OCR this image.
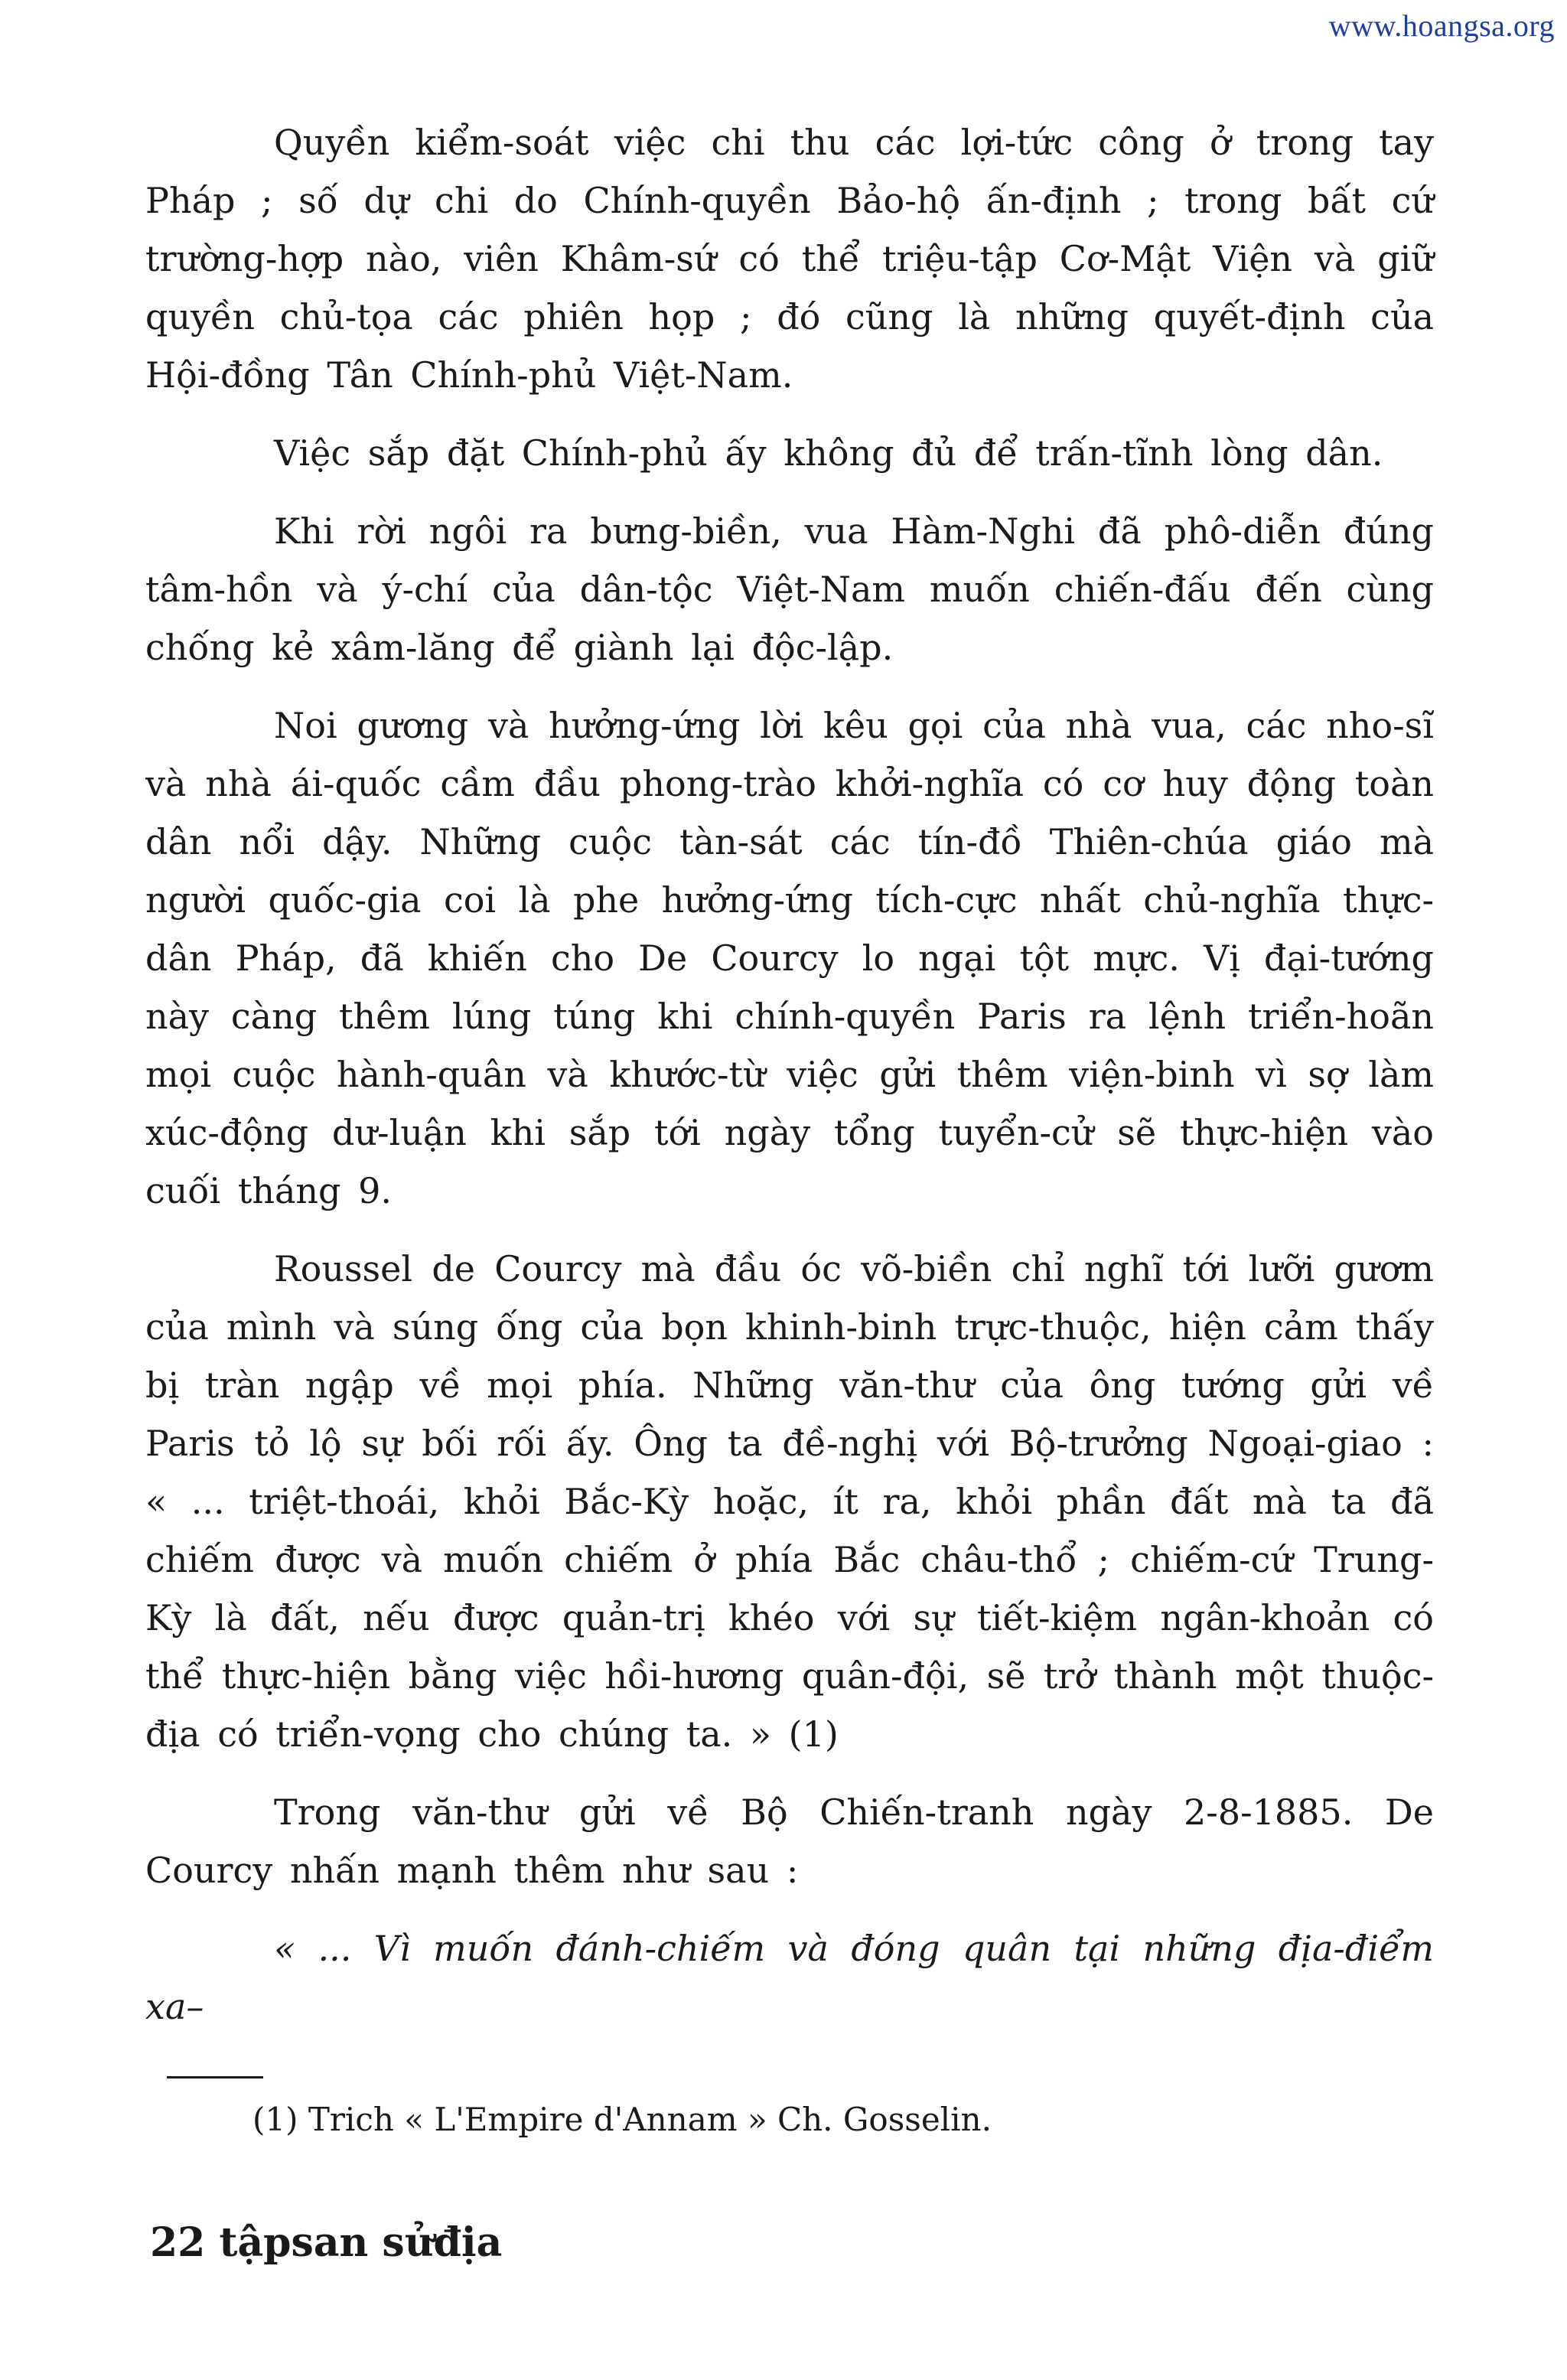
www.hoangsa.org

Quyền kiểm-soát việc chi thu các lợi-tức công ở trong tay Pháp ; số dự chi do Chính-quyền Bảo-hộ ấn-định ; trong bất cứ trường-hợp nào, viên Khâm-sứ có thể triệu-tập Cơ-Mật Viện và giữ quyền chủ-tọa các phiên họp ; đó cũng là những quyết-định của Hội-đồng Tân Chính-phủ Việt-Nam.

Việc sắp đặt Chính-phủ ấy không đủ để trấn-tĩnh lòng dân.

Khi rời ngôi ra bưng-biền, vua Hàm-Nghi đã phô-diễn đúng tâm-hồn và ý-chí của dân-tộc Việt-Nam muốn chiến-đấu đến cùng chống kẻ xâm-lăng để giành lại độc-lập.

Noi gương và hưởng-ứng lời kêu gọi của nhà vua, các nho-sĩ và nhà ái-quốc cầm đầu phong-trào khởi-nghĩa có cơ huy động toàn dân nổi dậy. Những cuộc tàn-sát các tín-đồ Thiên-chúa giáo mà người quốc-gia coi là phe hưởng-ứng tích-cực nhất chủ-nghĩa thực-dân Pháp, đã khiến cho De Courcy lo ngại tột mực. Vị đại-tướng này càng thêm lúng túng khi chính-quyền Paris ra lệnh triển-hoãn mọi cuộc hành-quân và khước-từ việc gửi thêm viện-binh vì sợ làm xúc-động dư-luận khi sắp tới ngày tổng tuyển-cử sẽ thực-hiện vào cuối tháng 9.

Roussel de Courcy mà đầu óc võ-biền chỉ nghĩ tới lưỡi gươm của mình và súng ống của bọn khinh-binh trực-thuộc, hiện cảm thấy bị tràn ngập về mọi phía. Những văn-thư của ông tướng gửi về Paris tỏ lộ sự bối rối ấy. Ông ta đề-nghị với Bộ-trưởng Ngoại-giao : « ... triệt-thoái, khỏi Bắc-Kỳ hoặc, ít ra, khỏi phần đất mà ta đã chiếm được và muốn chiếm ở phía Bắc châu-thổ ; chiếm-cứ Trung-Kỳ là đất, nếu được quản-trị khéo với sự tiết-kiệm ngân-khoản có thể thực-hiện bằng việc hồi-hương quân-đội, sẽ trở thành một thuộc-địa có triển-vọng cho chúng ta. » (1)

Trong văn-thư gửi về Bộ Chiến-tranh ngày 2-8-1885. De Courcy nhấn mạnh thêm như sau :

« ... Vì muốn đánh-chiếm và đóng quân tại những địa-điểm xa–

(1) Trich « L'Empire d'Annam » Ch. Gosselin.
22 tậpsan sửđịa
